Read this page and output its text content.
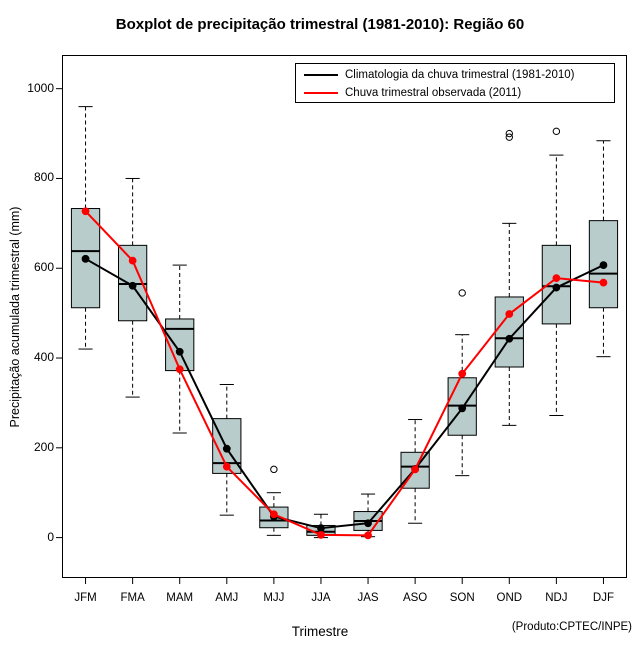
Boxplot de precipitação trimestral (1981-2010): Região 60
0
200
400
600
800
1000
JFM	FMA	MAM	AMJ	MJJ	JJA	JAS	ASO	SON	OND	NDJ	DJF
Precipitação acumulada trimestral (mm)
Trimestre	(Produto:CPTEC/INPE)
Climatologia da chuva trimestral (1981-2010)
Chuva trimestral observada (2011)
